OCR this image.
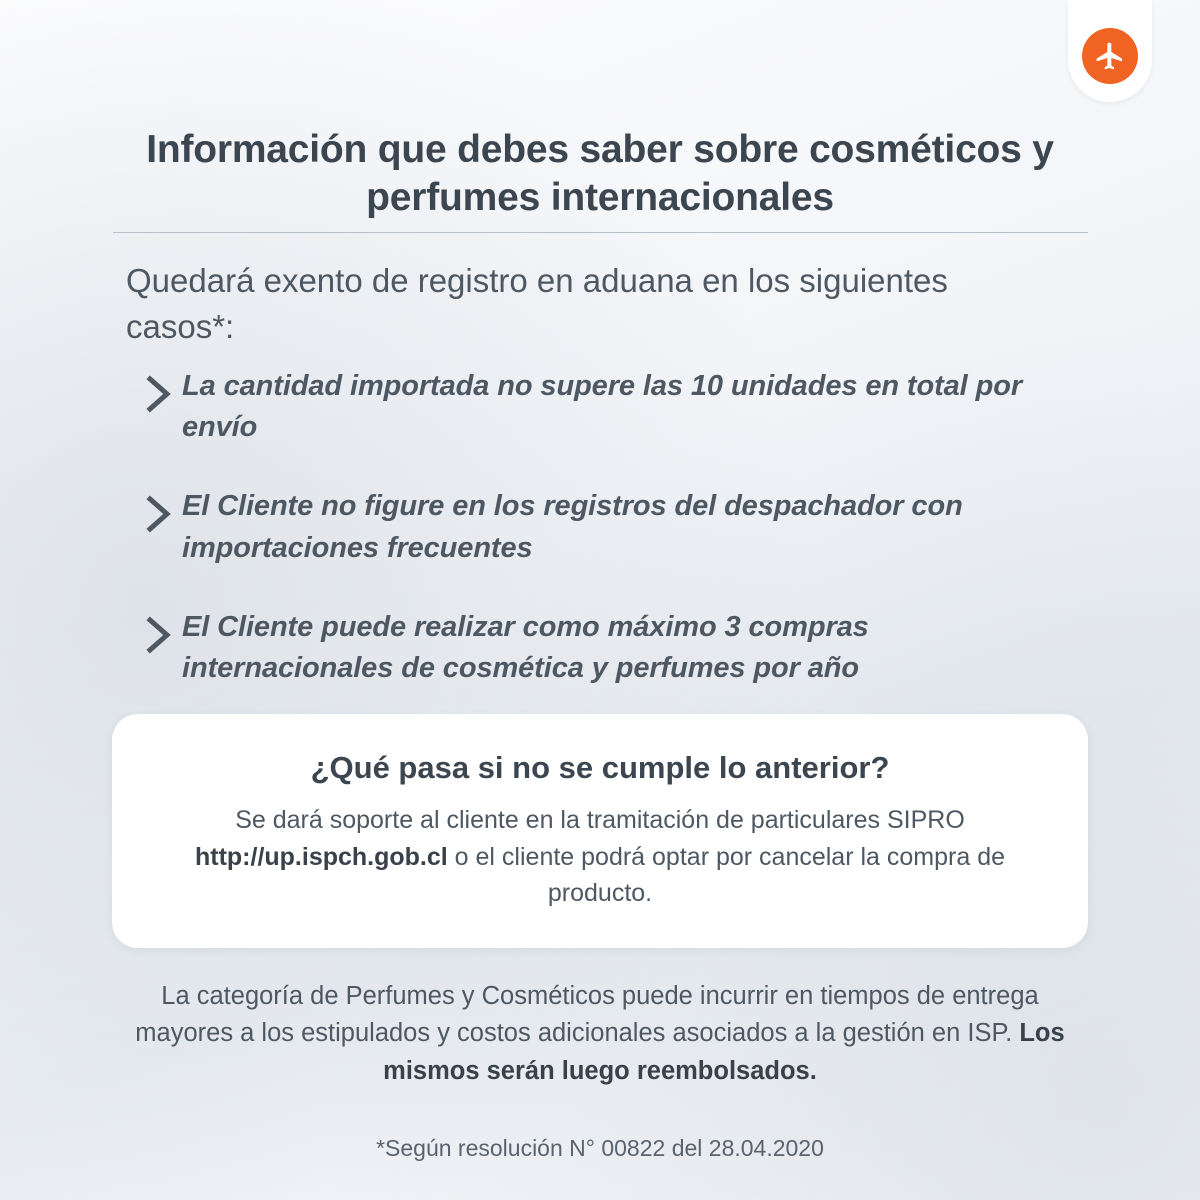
Información que debes saber sobre cosméticos y perfumes internacionales
Quedará exento de registro en aduana en los siguientes casos*:
La cantidad importada no supere las 10 unidades en total por envío
El Cliente no figure en los registros del despachador con importaciones frecuentes
El Cliente puede realizar como máximo 3 compras internacionales de cosmética y perfumes por año
¿Qué pasa si no se cumple lo anterior?
Se dará soporte al cliente en la tramitación de particulares SIPRO http://up.ispch.gob.cl o el cliente podrá optar por cancelar la compra de producto.
La categoría de Perfumes y Cosméticos puede incurrir en tiempos de entrega mayores a los estipulados y costos adicionales asociados a la gestión en ISP. Los mismos serán luego reembolsados.
*Según resolución N° 00822 del 28.04.2020
